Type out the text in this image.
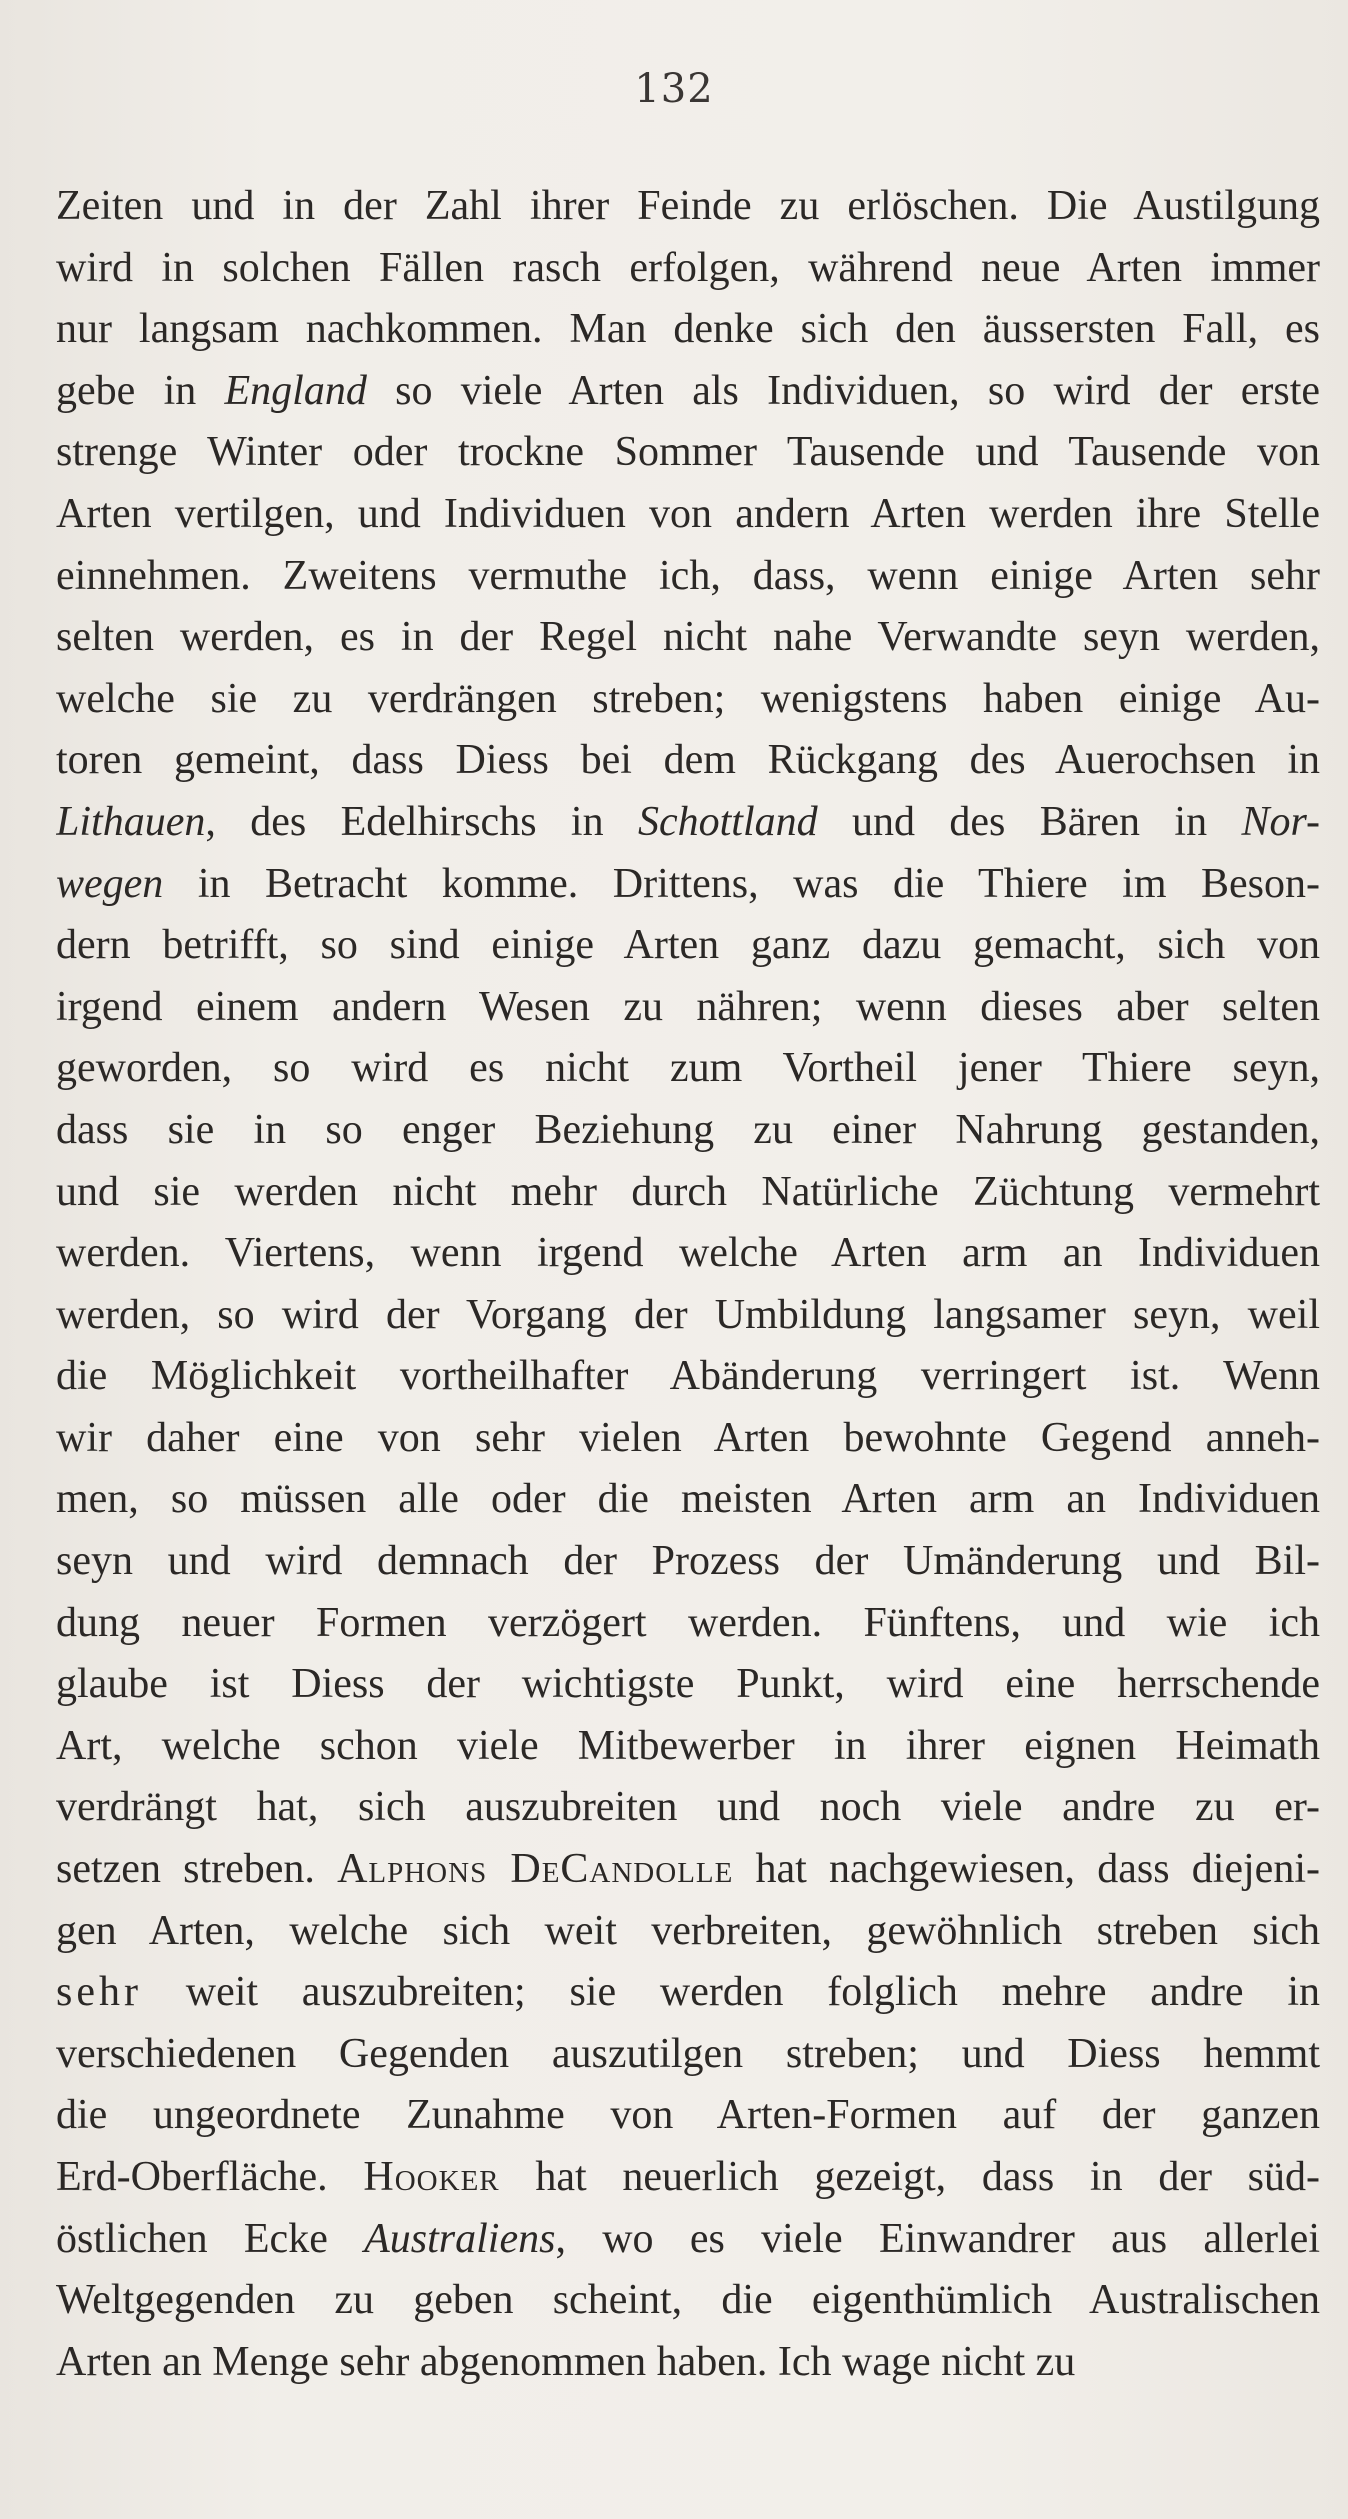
132
Zeiten und in der Zahl ihrer Feinde zu erlöschen. Die Austilgung
wird in solchen Fällen rasch erfolgen, während neue Arten immer
nur langsam nachkommen. Man denke sich den äussersten Fall, es
gebe in England so viele Arten als Individuen, so wird der erste
strenge Winter oder trockne Sommer Tausende und Tausende von
Arten vertilgen, und Individuen von andern Arten werden ihre Stelle
einnehmen. Zweitens vermuthe ich, dass, wenn einige Arten sehr
selten werden, es in der Regel nicht nahe Verwandte seyn werden,
welche sie zu verdrängen streben; wenigstens haben einige Au-
toren gemeint, dass Diess bei dem Rückgang des Auerochsen in
Lithauen, des Edelhirschs in Schottland und des Bären in Nor-
wegen in Betracht komme. Drittens, was die Thiere im Beson-
dern betrifft, so sind einige Arten ganz dazu gemacht, sich von
irgend einem andern Wesen zu nähren; wenn dieses aber selten
geworden, so wird es nicht zum Vortheil jener Thiere seyn,
dass sie in so enger Beziehung zu einer Nahrung gestanden,
und sie werden nicht mehr durch Natürliche Züchtung vermehrt
werden. Viertens, wenn irgend welche Arten arm an Individuen
werden, so wird der Vorgang der Umbildung langsamer seyn, weil
die Möglichkeit vortheilhafter Abänderung verringert ist. Wenn
wir daher eine von sehr vielen Arten bewohnte Gegend anneh-
men, so müssen alle oder die meisten Arten arm an Individuen
seyn und wird demnach der Prozess der Umänderung und Bil-
dung neuer Formen verzögert werden. Fünftens, und wie ich
glaube ist Diess der wichtigste Punkt, wird eine herrschende
Art, welche schon viele Mitbewerber in ihrer eignen Heimath
verdrängt hat, sich auszubreiten und noch viele andre zu er-
setzen streben. Alphons DeCandolle hat nachgewiesen, dass diejeni-
gen Arten, welche sich weit verbreiten, gewöhnlich streben sich
sehr weit auszubreiten; sie werden folglich mehre andre in
verschiedenen Gegenden auszutilgen streben; und Diess hemmt
die ungeordnete Zunahme von Arten-Formen auf der ganzen
Erd-Oberfläche. Hooker hat neuerlich gezeigt, dass in der süd-
östlichen Ecke Australiens, wo es viele Einwandrer aus allerlei
Weltgegenden zu geben scheint, die eigenthümlich Australischen
Arten an Menge sehr abgenommen haben. Ich wage nicht zu
